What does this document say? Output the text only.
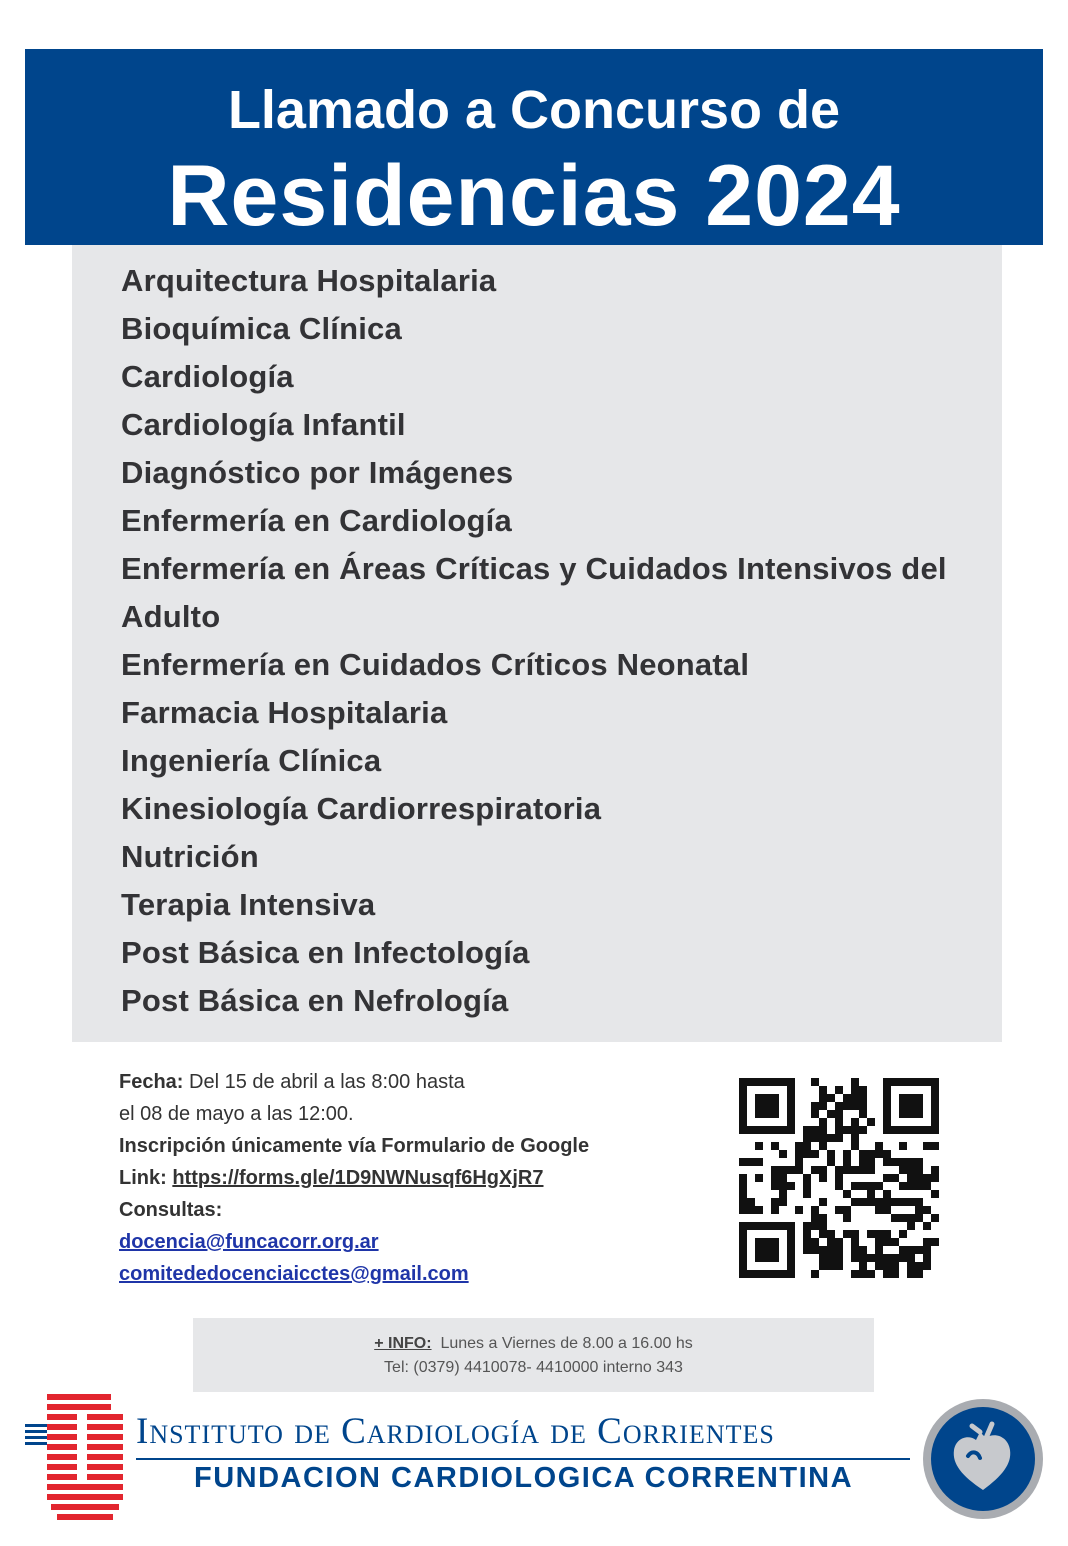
Llamado a Concurso de
Residencias 2024
Arquitectura Hospitalaria
Bioquímica Clínica
Cardiología
Cardiología Infantil
Diagnóstico por Imágenes
Enfermería en Cardiología
Enfermería en Áreas Críticas y Cuidados Intensivos del Adulto
Enfermería en Cuidados Críticos Neonatal
Farmacia Hospitalaria
Ingeniería Clínica
Kinesiología Cardiorrespiratoria
Nutrición
Terapia Intensiva
Post Básica en Infectología
Post Básica en Nefrología
Fecha: Del 15 de abril a las 8:00 hasta
el 08 de mayo a las 12:00.
Inscripción únicamente vía Formulario de Google
Link: https://forms.gle/1D9NWNusqf6HgXjR7
Consultas:
docencia@funcacorr.org.ar
comitededocenciaicctes@gmail.com
+ INFO: Lunes a Viernes de 8.00 a 16.00 hs
Tel: (0379) 4410078- 4410000 interno 343
Instituto de Cardiología de Corrientes
FUNDACION CARDIOLOGICA CORRENTINA
